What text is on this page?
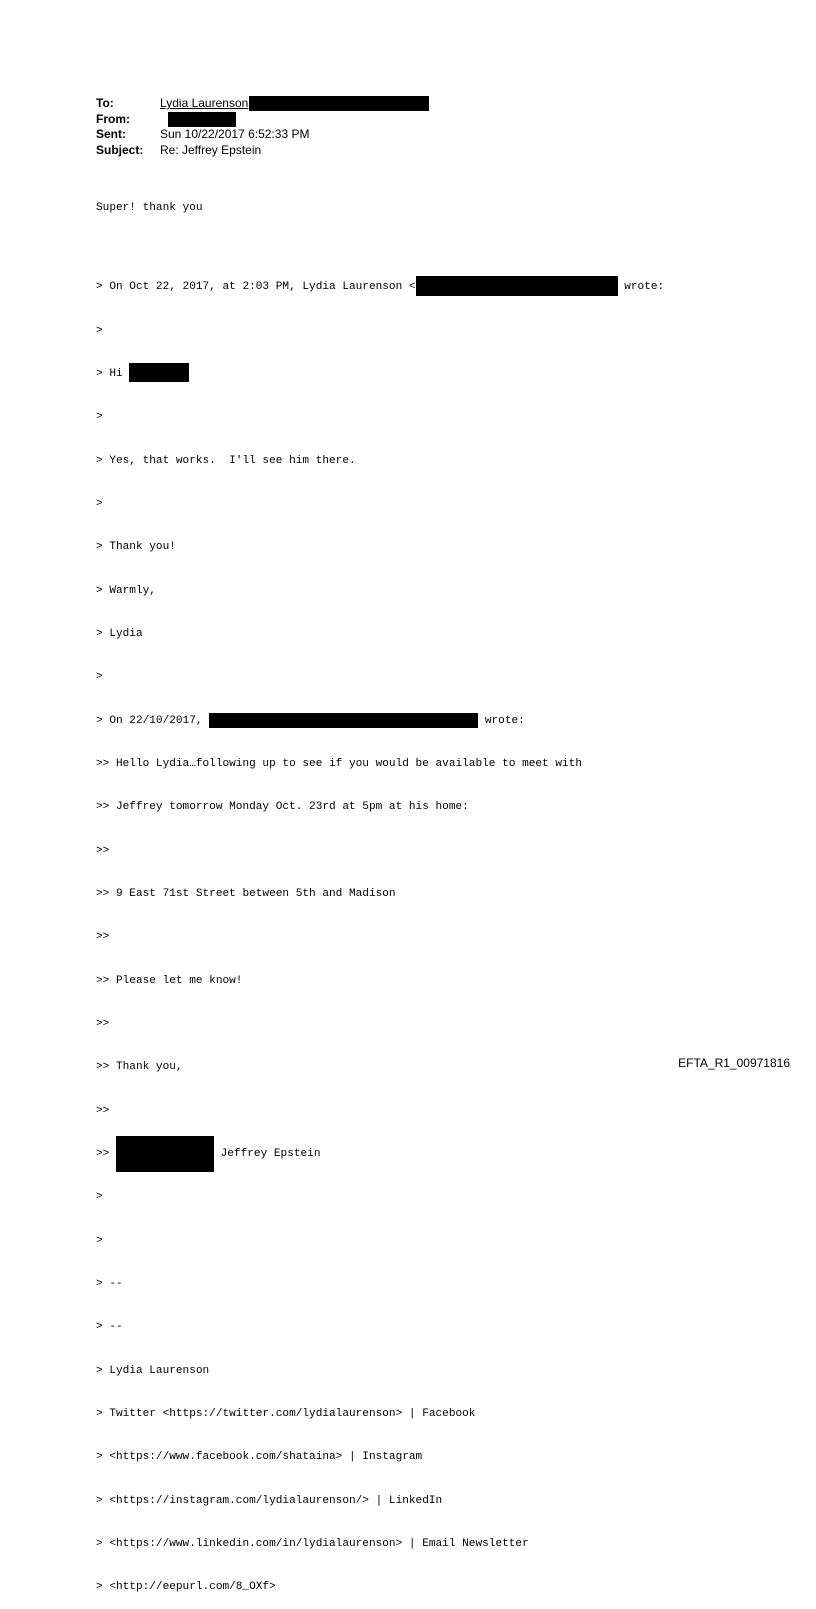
To:	Lydia Laurenson
From:
Sent:	Sun 10/22/2017 6:52:33 PM
Subject: Re: Jeffrey Epstein

Super! thank you

> On Oct 22, 2017, at 2:03 PM, Lydia Laurenson <	wrote:

>

> Hi

>

> Yes, that works.  I'll see him there.

>

> Thank you!

> Warmly,

> Lydia

>

> On 22/10/2017,	wrote:

>> Hello Lydia…following up to see if you would be available to meet with

>> Jeffrey tomorrow Monday Oct. 23rd at 5pm at his home:

>>

>> 9 East 71st Street between 5th and Madison

>>

>> Please let me know!

>>

>> Thank you,

>>

>>	Jeffrey Epstein

>

>

> --

> --

> Lydia Laurenson

> Twitter <https://twitter.com/lydialaurenson> | Facebook

> <https://www.facebook.com/shataina> | Instagram

> <https://instagram.com/lydialaurenson/> | LinkedIn

> <https://www.linkedin.com/in/lydialaurenson> | Email Newsletter

> <http://eepurl.com/8_OXf>

EFTA_R1_00971816
